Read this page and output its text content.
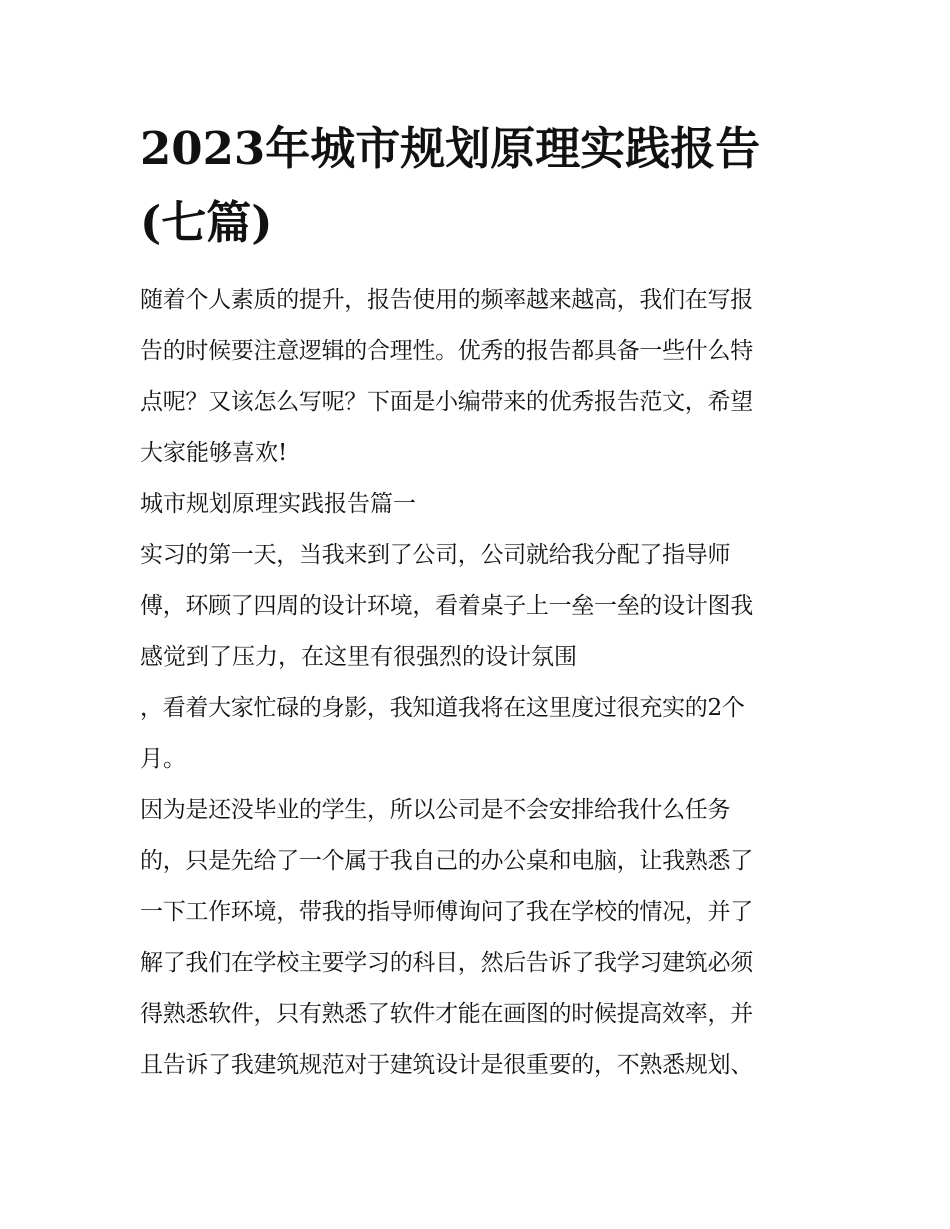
2023年城市规划原理实践报告
(七篇)
随着个人素质的提升，报告使用的频率越来越高，我们在写报
告的时候要注意逻辑的合理性。优秀的报告都具备一些什么特
点呢？又该怎么写呢？下面是小编带来的优秀报告范文，希望
大家能够喜欢!
城市规划原理实践报告篇一
实习的第一天，当我来到了公司，公司就给我分配了指导师
傅，环顾了四周的设计环境，看着桌子上一垒一垒的设计图我
感觉到了压力，在这里有很强烈的设计氛围
，看着大家忙碌的身影，我知道我将在这里度过很充实的2个
月。
因为是还没毕业的学生，所以公司是不会安排给我什么任务
的，只是先给了一个属于我自己的办公桌和电脑，让我熟悉了
一下工作环境，带我的指导师傅询问了我在学校的情况，并了
解了我们在学校主要学习的科目，然后告诉了我学习建筑必须
得熟悉软件，只有熟悉了软件才能在画图的时候提高效率，并
且告诉了我建筑规范对于建筑设计是很重要的，不熟悉规划、
